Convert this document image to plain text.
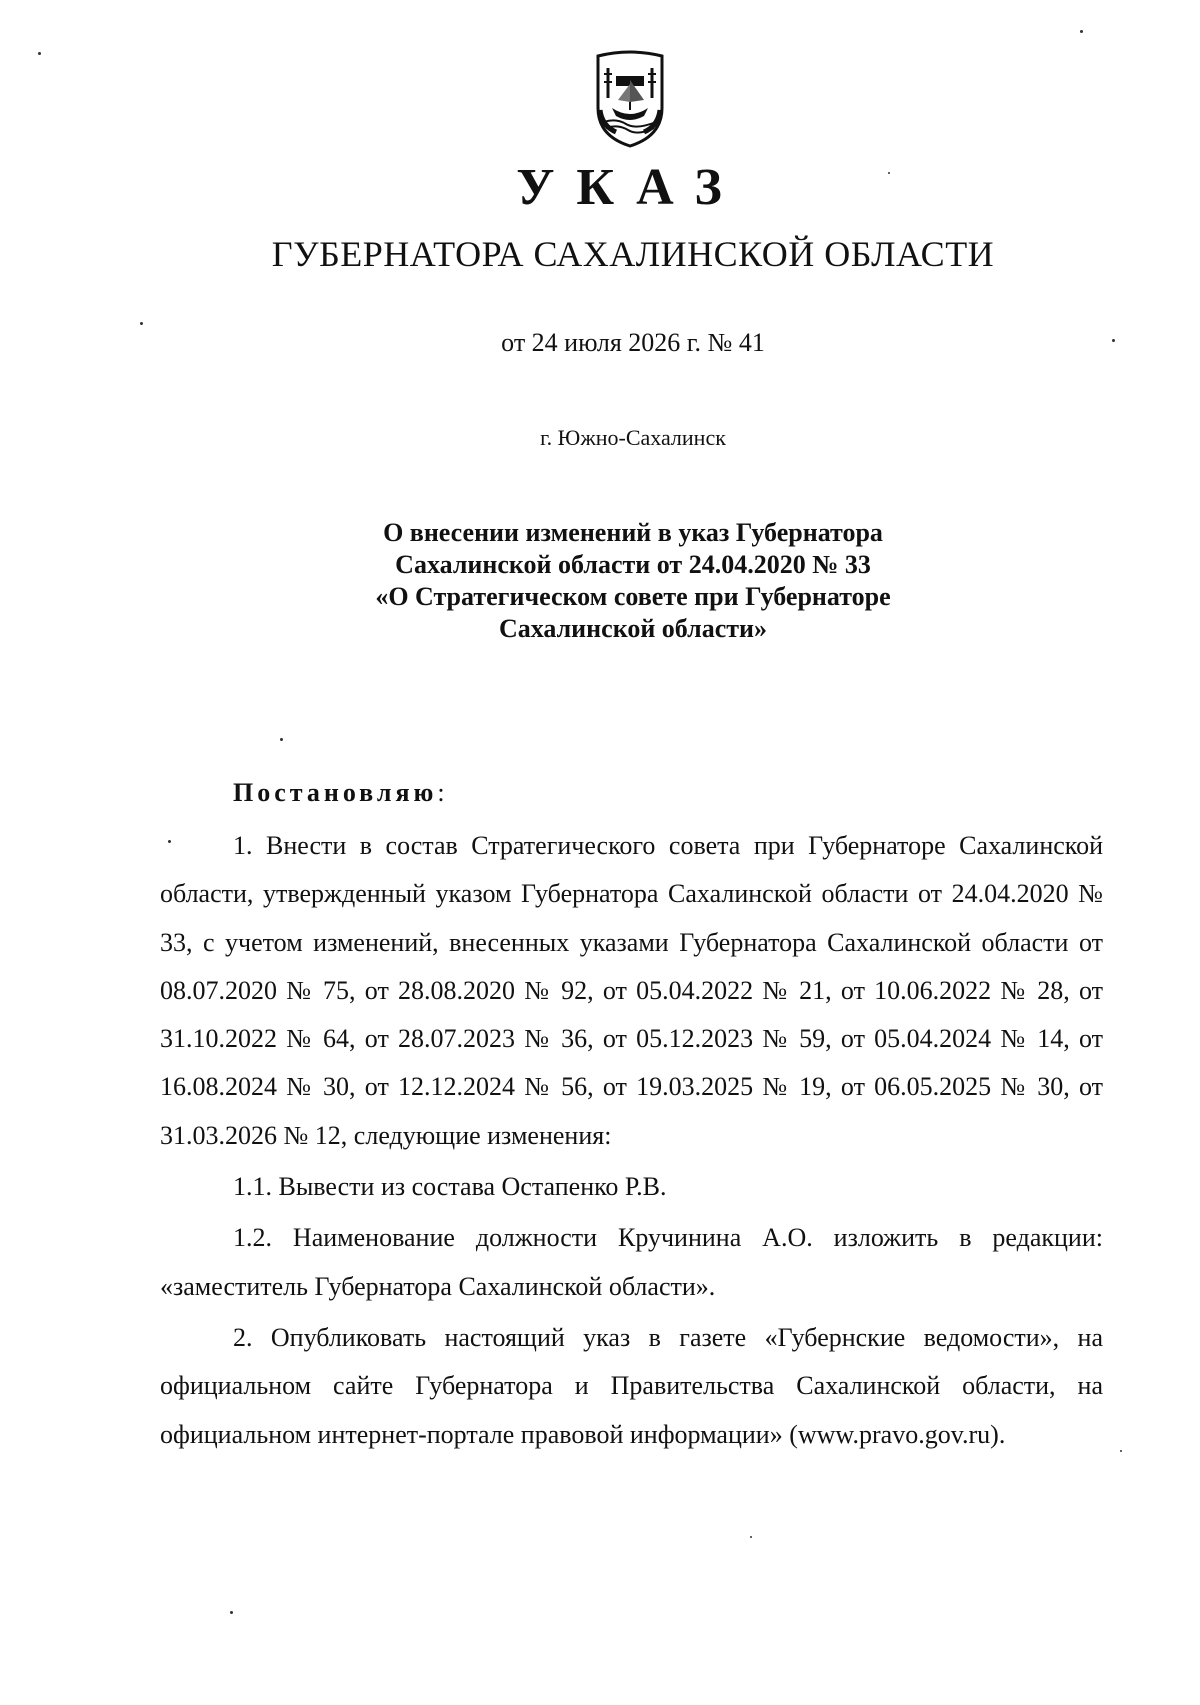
УКАЗ
ГУБЕРНАТОРА САХАЛИНСКОЙ ОБЛАСТИ
от 24 июля 2026 г. № 41
г. Южно-Сахалинск
О внесении изменений в указ Губернатора
Сахалинской области от 24.04.2020 № 33
«О Стратегическом совете при Губернаторе
Сахалинской области»
Постановляю:

1. Внести в состав Стратегического совета при Губернаторе Сахалинской области, утвержденный указом Губернатора Сахалинской области от 24.04.2020 № 33, с учетом изменений, внесенных указами Губернатора Сахалинской области от 08.07.2020 № 75, от 28.08.2020 № 92, от 05.04.2022 № 21, от 10.06.2022 № 28, от 31.10.2022 № 64, от 28.07.2023 № 36, от 05.12.2023 № 59, от 05.04.2024 № 14, от 16.08.2024 № 30, от 12.12.2024 № 56, от 19.03.2025 № 19, от 06.05.2025 № 30, от 31.03.2026 № 12, следующие изменения:

1.1. Вывести из состава Остапенко Р.В.

1.2. Наименование должности Кручинина А.О. изложить в редакции: «заместитель Губернатора Сахалинской области».

2. Опубликовать настоящий указ в газете «Губернские ведомости», на официальном сайте Губернатора и Правительства Сахалинской области, на официальном интернет-портале правовой информации» (www.pravo.gov.ru).
